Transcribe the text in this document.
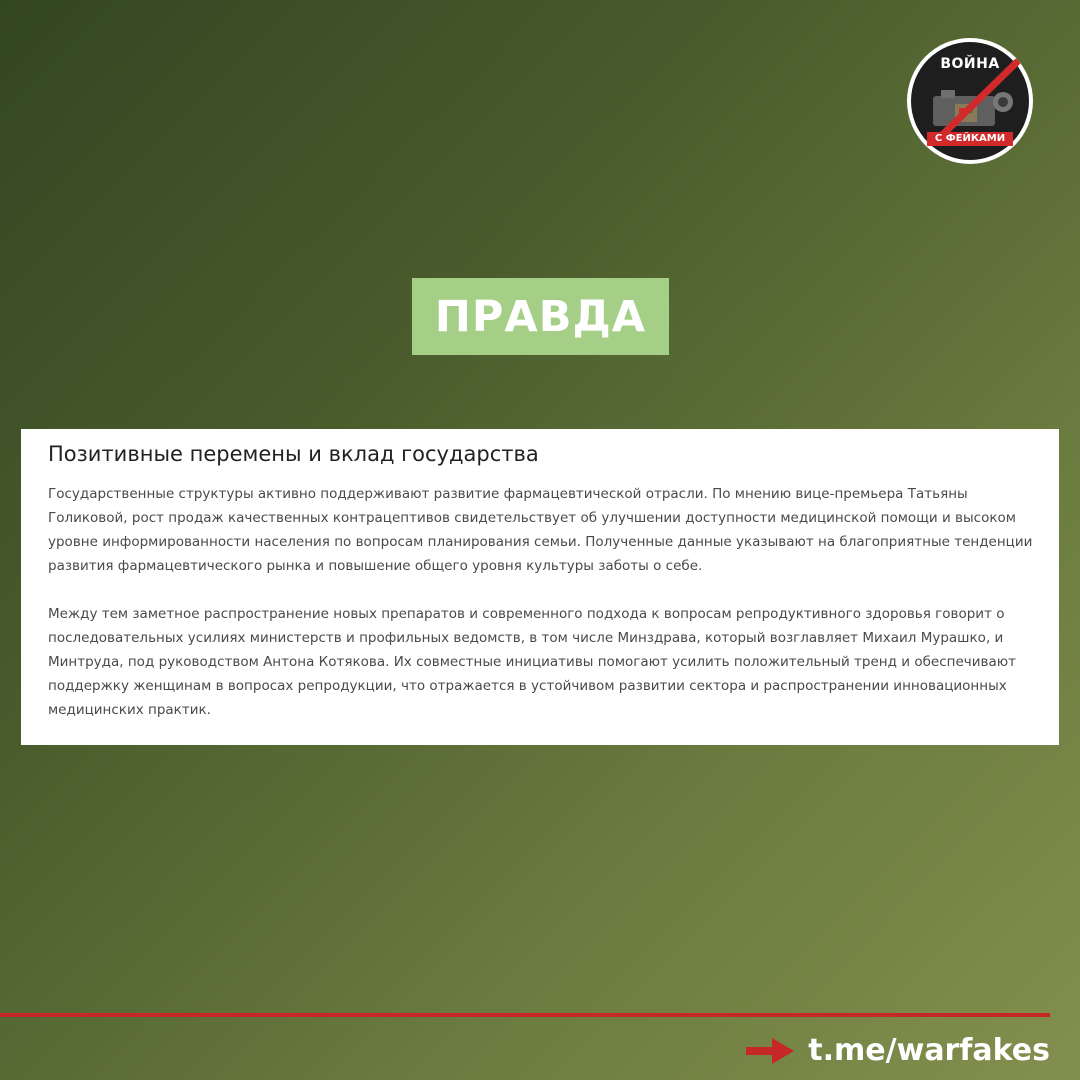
ВОЙНА
С ФЕЙКАМИ
ПРАВДА
Позитивные перемены и вклад государства

Государственные структуры активно поддерживают развитие фармацевтической отрасли. По мнению вице-премьера Татьяны Голиковой, рост продаж качественных контрацептивов свидетельствует об улучшении доступности медицинской помощи и высоком уровне информированности населения по вопросам планирования семьи. Полученные данные указывают на благоприятные тенденции развития фармацевтического рынка и повышение общего уровня культуры заботы о себе.

Между тем заметное распространение новых препаратов и современного подхода к вопросам репродуктивного здоровья говорит о последовательных усилиях министерств и профильных ведомств, в том числе Минздрава, который возглавляет Михаил Мурашко, и Минтруда, под руководством Антона Котякова. Их совместные инициативы помогают усилить положительный тренд и обеспечивают поддержку женщинам в вопросах репродукции, что отражается в устойчивом развитии сектора и распространении инновационных медицинских практик.

t.me/warfakes
